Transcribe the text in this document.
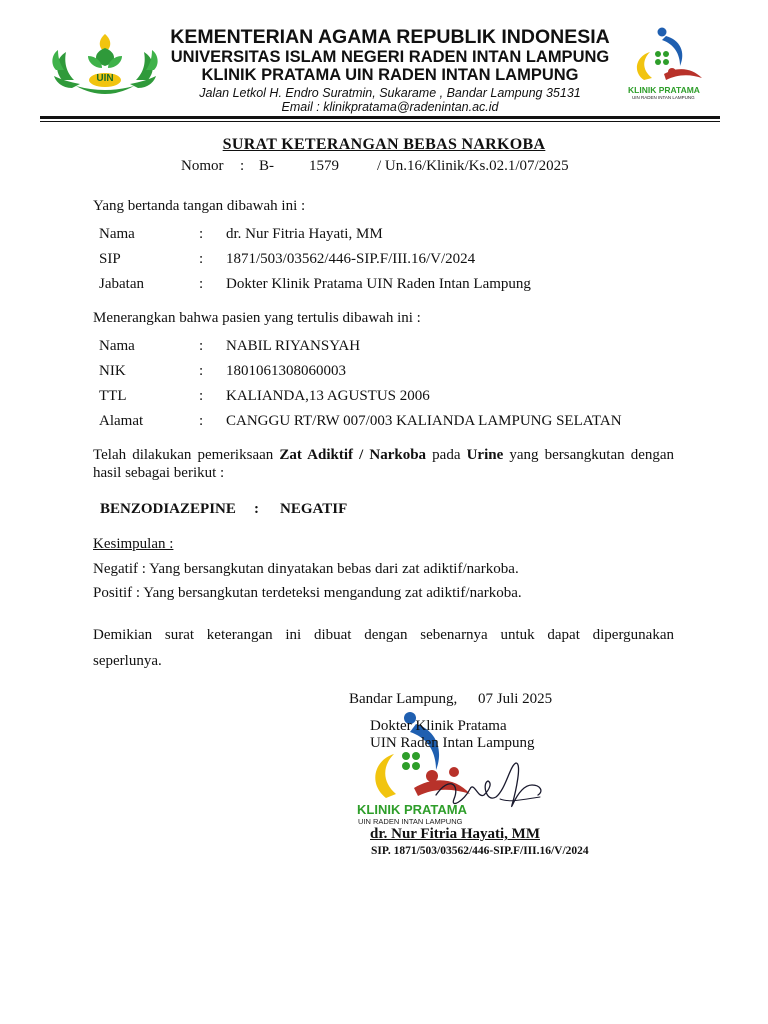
UIN
KEMENTERIAN AGAMA REPUBLIK INDONESIA
UNIVERSITAS ISLAM NEGERI RADEN INTAN LAMPUNG
KLINIK PRATAMA UIN RADEN INTAN LAMPUNG
Jalan Letkol H. Endro Suratmin, Sukarame , Bandar Lampung 35131
Email : klinikpratama@radenintan.ac.id
KLINIK PRATAMA
UIN RADEN INTAN LAMPUNG
SURAT KETERANGAN BEBAS NARKOBA
Nomor : B- 1579	/ Un.16/Klinik/Ks.02.1/07/2025
Yang bertanda tangan dibawah ini :
Nama	: dr. Nur Fitria Hayati, MM
SIP	: 1871/503/03562/446-SIP.F/III.16/V/2024
Jabatan	: Dokter Klinik Pratama UIN Raden Intan Lampung
Menerangkan bahwa pasien yang tertulis dibawah ini :
Nama	: NABIL RIYANSYAH
NIK	: 1801061308060003
TTL	: KALIANDA,13 AGUSTUS 2006
Alamat	: CANGGU RT/RW 007/003 KALIANDA LAMPUNG SELATAN
Telah dilakukan pemeriksaan Zat Adiktif / Narkoba pada Urine yang bersangkutan dengan
hasil sebagai berikut :
BENZODIAZEPINE : NEGATIF
Kesimpulan :
Negatif : Yang bersangkutan dinyatakan bebas dari zat adiktif/narkoba.
Positif : Yang bersangkutan terdeteksi mengandung zat adiktif/narkoba.
Demikian surat keterangan ini dibuat dengan sebenarnya untuk dapat dipergunakan
seperlunya.
Bandar Lampung, 07 Juli 2025
Dokter Klinik Pratama
UIN Raden Intan Lampung
KLINIK PRATAMA
UIN RADEN INTAN LAMPUNG
dr. Nur Fitria Hayati, MM
SIP. 1871/503/03562/446-SIP.F/III.16/V/2024
